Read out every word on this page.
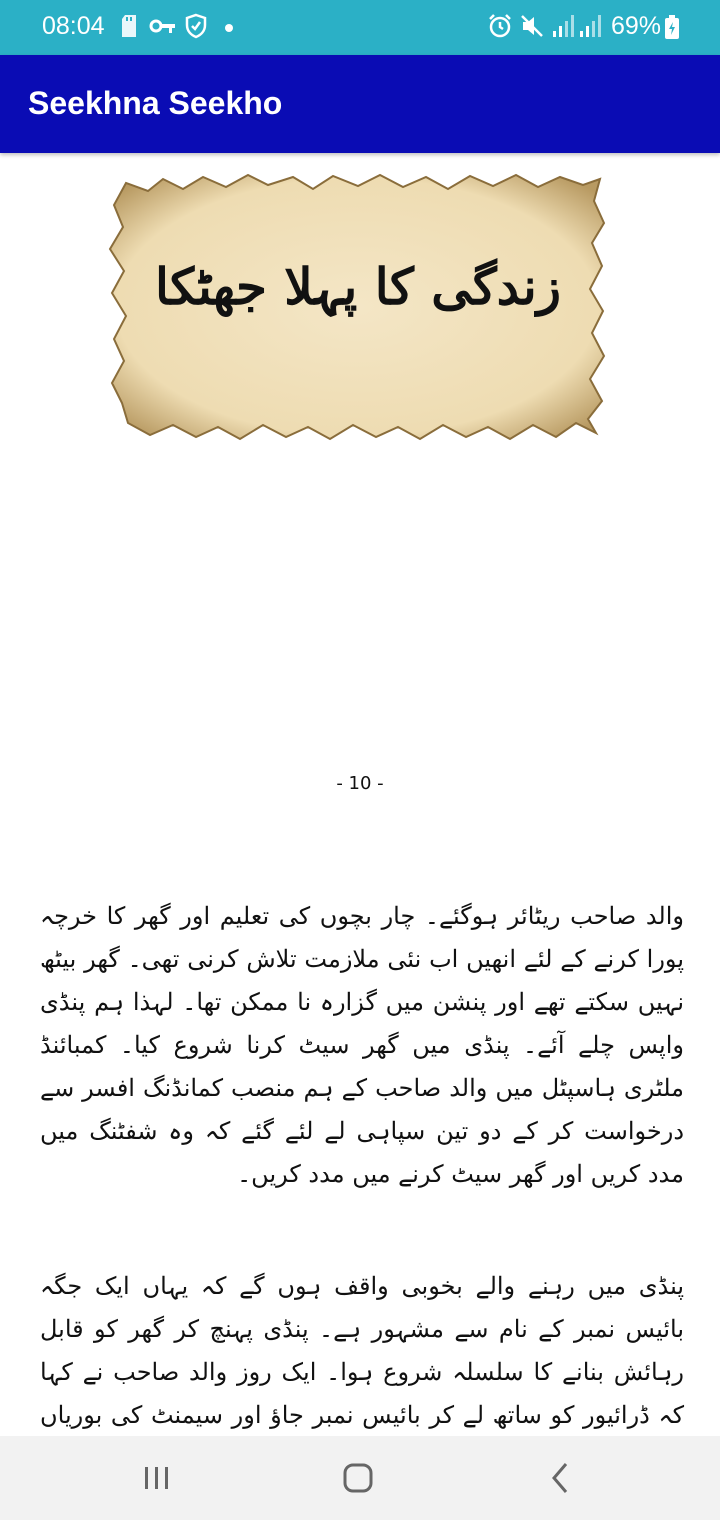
08:04	69%
Seekhna Seekho
زندگی کا پہلا جھٹکا
- 10 -
والد صاحب ریٹائر ہوگئے۔ چار بچوں کی تعلیم اور گھر کا خرچہ پورا کرنے کے لئے انھیں اب نئی ملازمت تلاش کرنی تھی۔ گھر بیٹھ نہیں سکتے تھے اور پنشن میں گزارہ نا ممکن تھا۔ لہذا ہم پنڈی واپس چلے آئے۔ پنڈی میں گھر سیٹ کرنا شروع کیا۔ کمبائنڈ ملٹری ہاسپٹل میں والد صاحب کے ہم منصب کمانڈنگ افسر سے درخواست کر کے دو تین سپاہی لے لئے گئے کہ وہ شفٹنگ میں مدد کریں اور گھر سیٹ کرنے میں مدد کریں۔
پنڈی میں رہنے والے بخوبی واقف ہوں گے کہ یہاں ایک جگہ بائیس نمبر کے نام سے مشہور ہے۔ پنڈی پہنچ کر گھر کو قابل رہائش بنانے کا سلسلہ شروع ہوا۔ ایک روز والد صاحب نے کہا کہ ڈرائیور کو ساتھ لے کر بائیس نمبر جاؤ اور سیمنٹ کی بوریاں
